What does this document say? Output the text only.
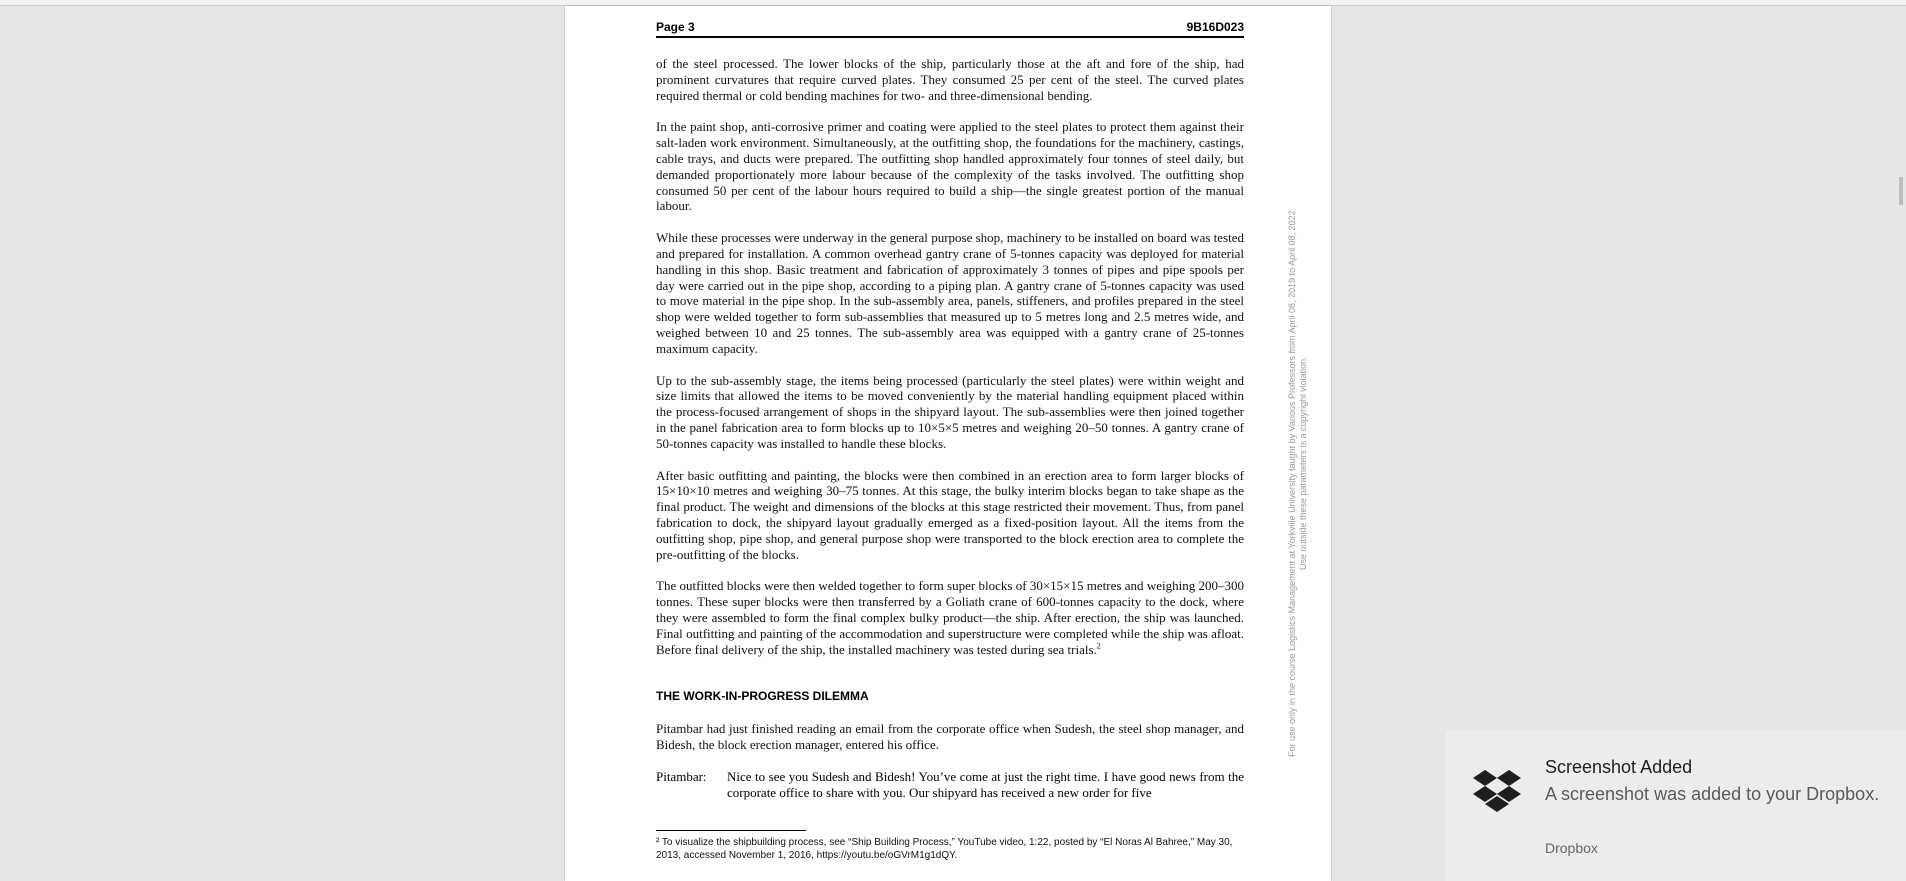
Page 3	9B16D023

of the steel processed. The lower blocks of the ship, particularly those at the aft and fore of the ship, had prominent curvatures that require curved plates. They consumed 25 per cent of the steel. The curved plates required thermal or cold bending machines for two- and three-dimensional bending.

In the paint shop, anti-corrosive primer and coating were applied to the steel plates to protect them against their salt-laden work environment. Simultaneously, at the outfitting shop, the foundations for the machinery, castings, cable trays, and ducts were prepared. The outfitting shop handled approximately four tonnes of steel daily, but demanded proportionately more labour because of the complexity of the tasks involved. The outfitting shop consumed 50 per cent of the labour hours required to build a ship—the single greatest portion of the manual labour.

While these processes were underway in the general purpose shop, machinery to be installed on board was tested and prepared for installation. A common overhead gantry crane of 5-tonnes capacity was deployed for material handling in this shop. Basic treatment and fabrication of approximately 3 tonnes of pipes and pipe spools per day were carried out in the pipe shop, according to a piping plan. A gantry crane of 5-tonnes capacity was used to move material in the pipe shop. In the sub-assembly area, panels, stiffeners, and profiles prepared in the steel shop were welded together to form sub-assemblies that measured up to 5 metres long and 2.5 metres wide, and weighed between 10 and 25 tonnes. The sub-assembly area was equipped with a gantry crane of 25-tonnes maximum capacity.

Up to the sub-assembly stage, the items being processed (particularly the steel plates) were within weight and size limits that allowed the items to be moved conveniently by the material handling equipment placed within the process-focused arrangement of shops in the shipyard layout. The sub-assemblies were then joined together in the panel fabrication area to form blocks up to 10×5×5 metres and weighing 20–50 tonnes. A gantry crane of 50-tonnes capacity was installed to handle these blocks.

After basic outfitting and painting, the blocks were then combined in an erection area to form larger blocks of 15×10×10 metres and weighing 30–75 tonnes. At this stage, the bulky interim blocks began to take shape as the final product. The weight and dimensions of the blocks at this stage restricted their movement. Thus, from panel fabrication to dock, the shipyard layout gradually emerged as a fixed-position layout. All the items from the outfitting shop, pipe shop, and general purpose shop were transported to the block erection area to complete the pre-outfitting of the blocks.

The outfitted blocks were then welded together to form super blocks of 30×15×15 metres and weighing 200–300 tonnes. These super blocks were then transferred by a Goliath crane of 600-tonnes capacity to the dock, where they were assembled to form the final complex bulky product—the ship. After erection, the ship was launched. Final outfitting and painting of the accommodation and superstructure were completed while the ship was afloat. Before final delivery of the ship, the installed machinery was tested during sea trials.$^2$

THE WORK-IN-PROGRESS DILEMMA

Pitambar had just finished reading an email from the corporate office when Sudesh, the steel shop manager, and Bidesh, the block erection manager, entered his office.

Pitambar:	Nice to see you Sudesh and Bidesh! You’ve come at just the right time. I have good news from the corporate office to share with you. Our shipyard has received a new order for five
² To visualize the shipbuilding process, see “Ship Building Process,” YouTube video, 1:22, posted by “El Noras Al Bahree,” May 30, 2013, accessed November 1, 2016, https://youtu.be/oGVrM1g1dQY.
For use only in the course Logistics Management at Yorkville University taught by Various Professors from April 08, 2019 to April 08, 2022. Use outside these parameters is a copyright violation.
Screenshot Added
A screenshot was added to your Dropbox.
Dropbox
